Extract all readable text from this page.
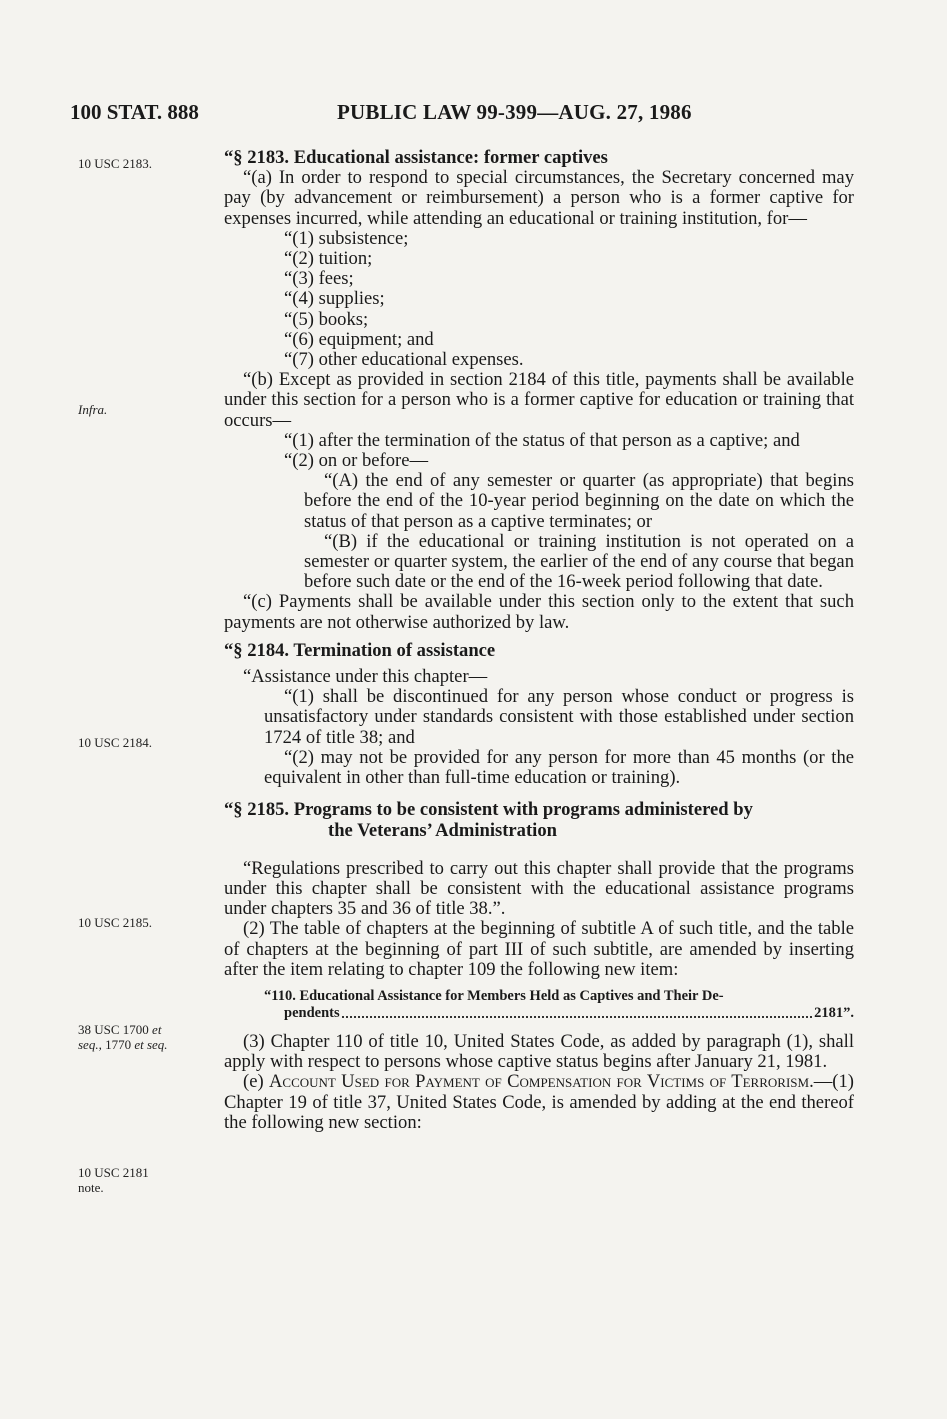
100 STAT. 888	PUBLIC LAW 99-399—AUG. 27, 1986
10 USC 2183.
Infra.
10 USC 2184.
10 USC 2185.
38 USC 1700 et
seq., 1770 et seq.
10 USC 2181
note.

“§ 2183. Educational assistance: former captives

“(a) In order to respond to special circumstances, the Secretary concerned may pay (by advancement or reimbursement) a person who is a former captive for expenses incurred, while attending an educational or training institution, for—

“(1) subsistence;

“(2) tuition;

“(3) fees;

“(4) supplies;

“(5) books;

“(6) equipment; and

“(7) other educational expenses.

“(b) Except as provided in section 2184 of this title, payments shall be available under this section for a person who is a former captive for education or training that occurs—

“(1) after the termination of the status of that person as a captive; and

“(2) on or before—

“(A) the end of any semester or quarter (as appropriate) that begins before the end of the 10-year period beginning on the date on which the status of that person as a captive terminates; or

“(B) if the educational or training institution is not operated on a semester or quarter system, the earlier of the end of any course that began before such date or the end of the 16-week period following that date.

“(c) Payments shall be available under this section only to the extent that such payments are not otherwise authorized by law.

“§ 2184. Termination of assistance

“Assistance under this chapter—

“(1) shall be discontinued for any person whose conduct or progress is unsatisfactory under standards consistent with those established under section 1724 of title 38; and

“(2) may not be provided for any person for more than 45 months (or the equivalent in other than full-time education or training).

“§ 2185. Programs to be consistent with programs administered by
the Veterans’ Administration

“Regulations prescribed to carry out this chapter shall provide that the programs under this chapter shall be consistent with the educational assistance programs under chapters 35 and 36 of title 38.”.

(2) The table of chapters at the beginning of subtitle A of such title, and the table of chapters at the beginning of part III of such subtitle, are amended by inserting after the item relating to chapter 109 the following new item:

“110. Educational Assistance for Members Held as Captives and Their De-
pendents	2181”.

(3) Chapter 110 of title 10, United States Code, as added by paragraph (1), shall apply with respect to persons whose captive status begins after January 21, 1981.

(e) Account Used for Payment of Compensation for Victims of Terrorism.—(1) Chapter 19 of title 37, United States Code, is amended by adding at the end thereof the following new section:
